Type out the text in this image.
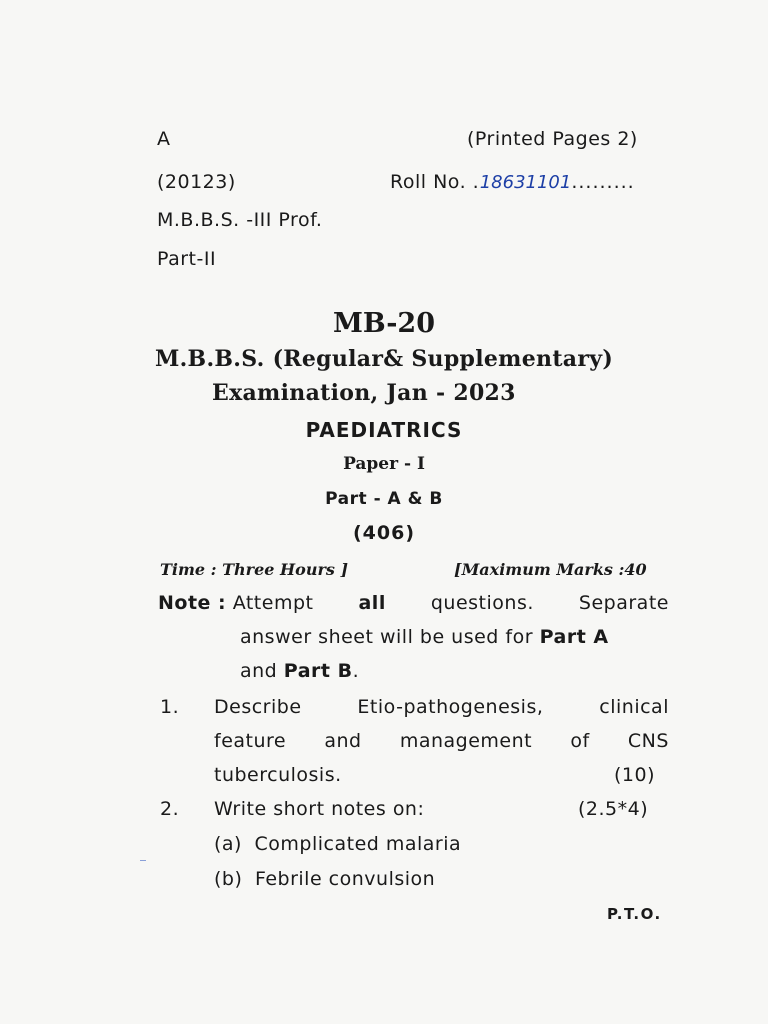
A	(Printed Pages 2)
(20123)	Roll No. .18631101.........
M.B.B.S. -III Prof.
Part-II
MB-20
M.B.B.S. (Regular& Supplementary)
Examination, Jan - 2023
PAEDIATRICS
Paper - I
Part - A & B
(406)
Time : Three Hours ]	[Maximum Marks :40
Note : Attempt all questions. Separate
answer sheet will be used for Part A
and Part B.
1. Describe	Etio-pathogenesis,	clinical
feature and management of CNS
tuberculosis.	(10)
2. Write short notes on:	(2.5*4)
(a) Complicated malaria
(b) Febrile convulsion
P.T.O.
